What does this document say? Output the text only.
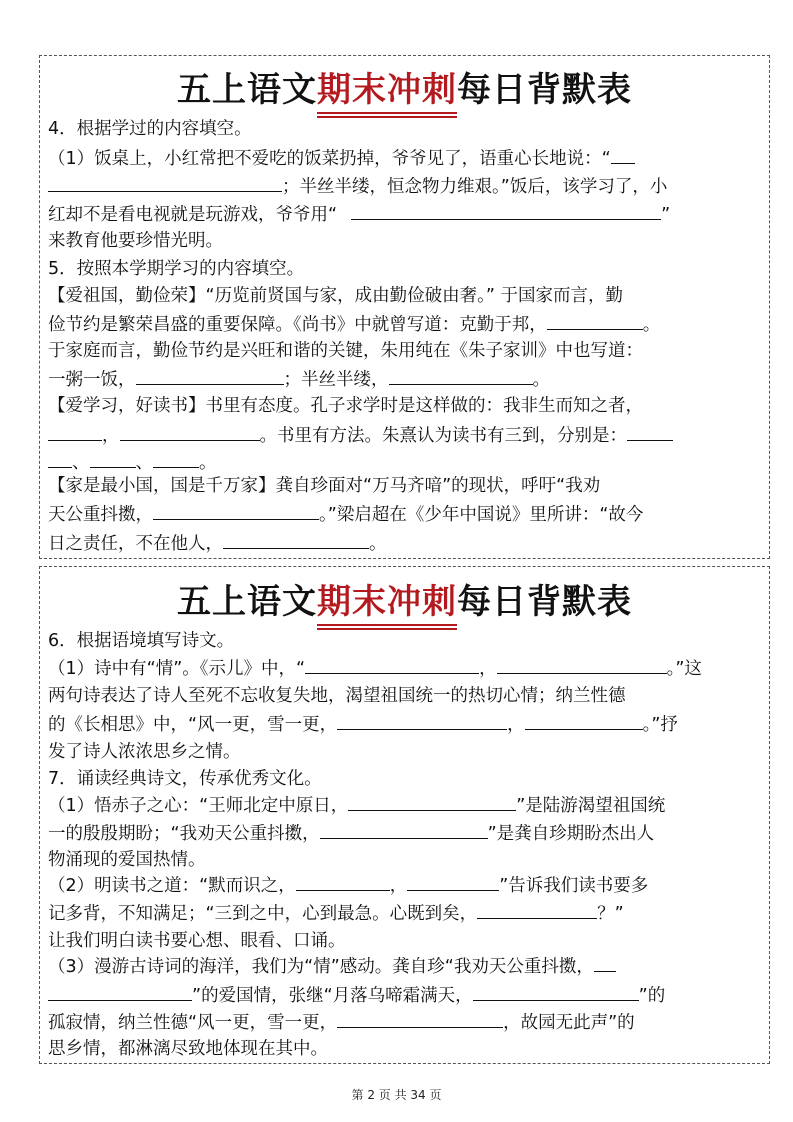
五上语文期末冲刺每日背默表
4．根据学过的内容填空。
（1）饭桌上，小红常把不爱吃的饭菜扔掉，爷爷见了，语重心长地说：“
；半丝半缕，恒念物力维艰。”饭后，该学习了，小
红却不是看电视就是玩游戏，爷爷用“	”
来教育他要珍惜光明。
5．按照本学期学习的内容填空。
【爱祖国，勤俭荣】“历览前贤国与家，成由勤俭破由奢。” 于国家而言，勤
俭节约是繁荣昌盛的重要保障。《尚书》中就曾写道：克勤于邦，	。
于家庭而言，勤俭节约是兴旺和谐的关键，朱用纯在《朱子家训》中也写道：
一粥一饭，	；半丝半缕，	。
【爱学习，好读书】书里有态度。孔子求学时是这样做的：我非生而知之者，
，	。书里有方法。朱熹认为读书有三到，分别是：
、	、	。
【家是最小国，国是千万家】龚自珍面对“万马齐喑”的现状，呼吁“我劝
天公重抖擞，	。”梁启超在《少年中国说》里所讲：“故今
日之责任，不在他人，	。
五上语文期末冲刺每日背默表
6．根据语境填写诗文。
（1）诗中有“情”。《示儿》中，“	，	。”这
两句诗表达了诗人至死不忘收复失地，渴望祖国统一的热切心情；纳兰性德
的《长相思》中，“风一更，雪一更，	，	。”抒
发了诗人浓浓思乡之情。
7．诵读经典诗文，传承优秀文化。
（1）悟赤子之心：“王师北定中原日，	”是陆游渴望祖国统
一的殷殷期盼；“我劝天公重抖擞，	”是龚自珍期盼杰出人
物涌现的爱国热情。
（2）明读书之道：“默而识之，	，	”告诉我们读书要多
记多背，不知满足；“三到之中，心到最急。心既到矣，	？”
让我们明白读书要心想、眼看、口诵。
（3）漫游古诗词的海洋，我们为“情”感动。龚自珍“我劝天公重抖擞，
”的爱国情，张继“月落乌啼霜满天，	”的
孤寂情，纳兰性德“风一更，雪一更，	，故园无此声”的
思乡情，都淋漓尽致地体现在其中。
第 2 页 共 34 页
